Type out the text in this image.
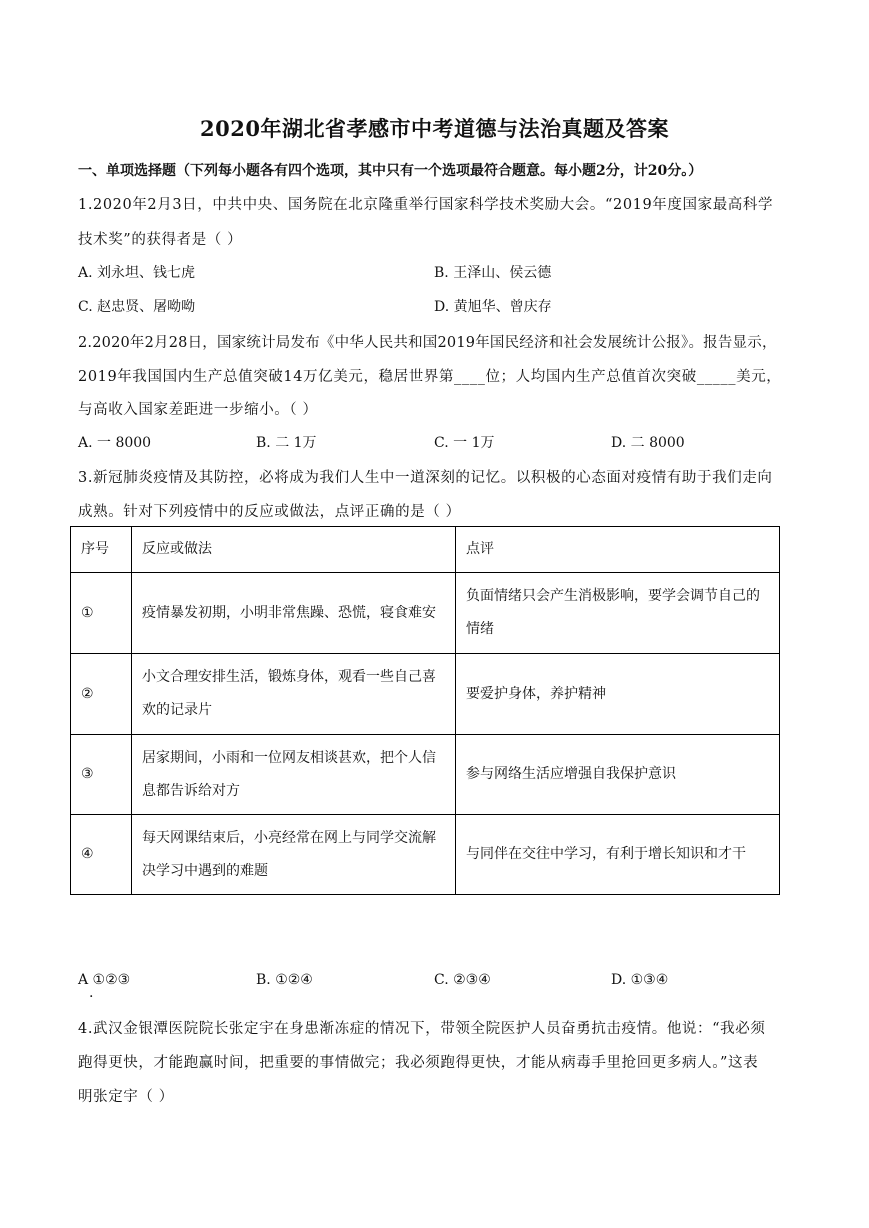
2020年湖北省孝感市中考道德与法治真题及答案
一、单项选择题（下列每小题各有四个选项，其中只有一个选项最符合题意。每小题2分，计20分。）
1.2020年2月3日，中共中央、国务院在北京隆重举行国家科学技术奖励大会。“2019年度国家最高科学
技术奖”的获得者是（ ）
A. 刘永坦、钱七虎	B. 王泽山、侯云德
C. 赵忠贤、屠呦呦	D. 黄旭华、曾庆存
2.2020年2月28日，国家统计局发布《中华人民共和国2019年国民经济和社会发展统计公报》。报告显示，
2019年我国国内生产总值突破14万亿美元，稳居世界第____位；人均国内生产总值首次突破_____美元，
与高收入国家差距进一步缩小。（ ）
A. 一 8000	B. 二 1万	C. 一 1万	D. 二 8000
3.新冠肺炎疫情及其防控，必将成为我们人生中一道深刻的记忆。以积极的心态面对疫情有助于我们走向
成熟。针对下列疫情中的反应或做法，点评正确的是（ ）
序号	反应或做法	点评
①	疫情暴发初期，小明非常焦躁、恐慌，寝食难安	负面情绪只会产生消极影响，要学会调节自己的情绪
②	小文合理安排生活，锻炼身体，观看一些自己喜欢的记录片	要爱护身体，养护精神
③	居家期间，小雨和一位网友相谈甚欢，把个人信息都告诉给对方	参与网络生活应增强自我保护意识
④	每天网课结束后，小亮经常在网上与同学交流解决学习中遇到的难题	与同伴在交往中学习，有利于增长知识和才干
A ①②③	B. ①②④	C. ②③④	D. ①③④
.
4.武汉金银潭医院院长张定宇在身患渐冻症的情况下，带领全院医护人员奋勇抗击疫情。他说：“我必须
跑得更快，才能跑赢时间，把重要的事情做完；我必须跑得更快，才能从病毒手里抢回更多病人。”这表
明张定宇（ ）
